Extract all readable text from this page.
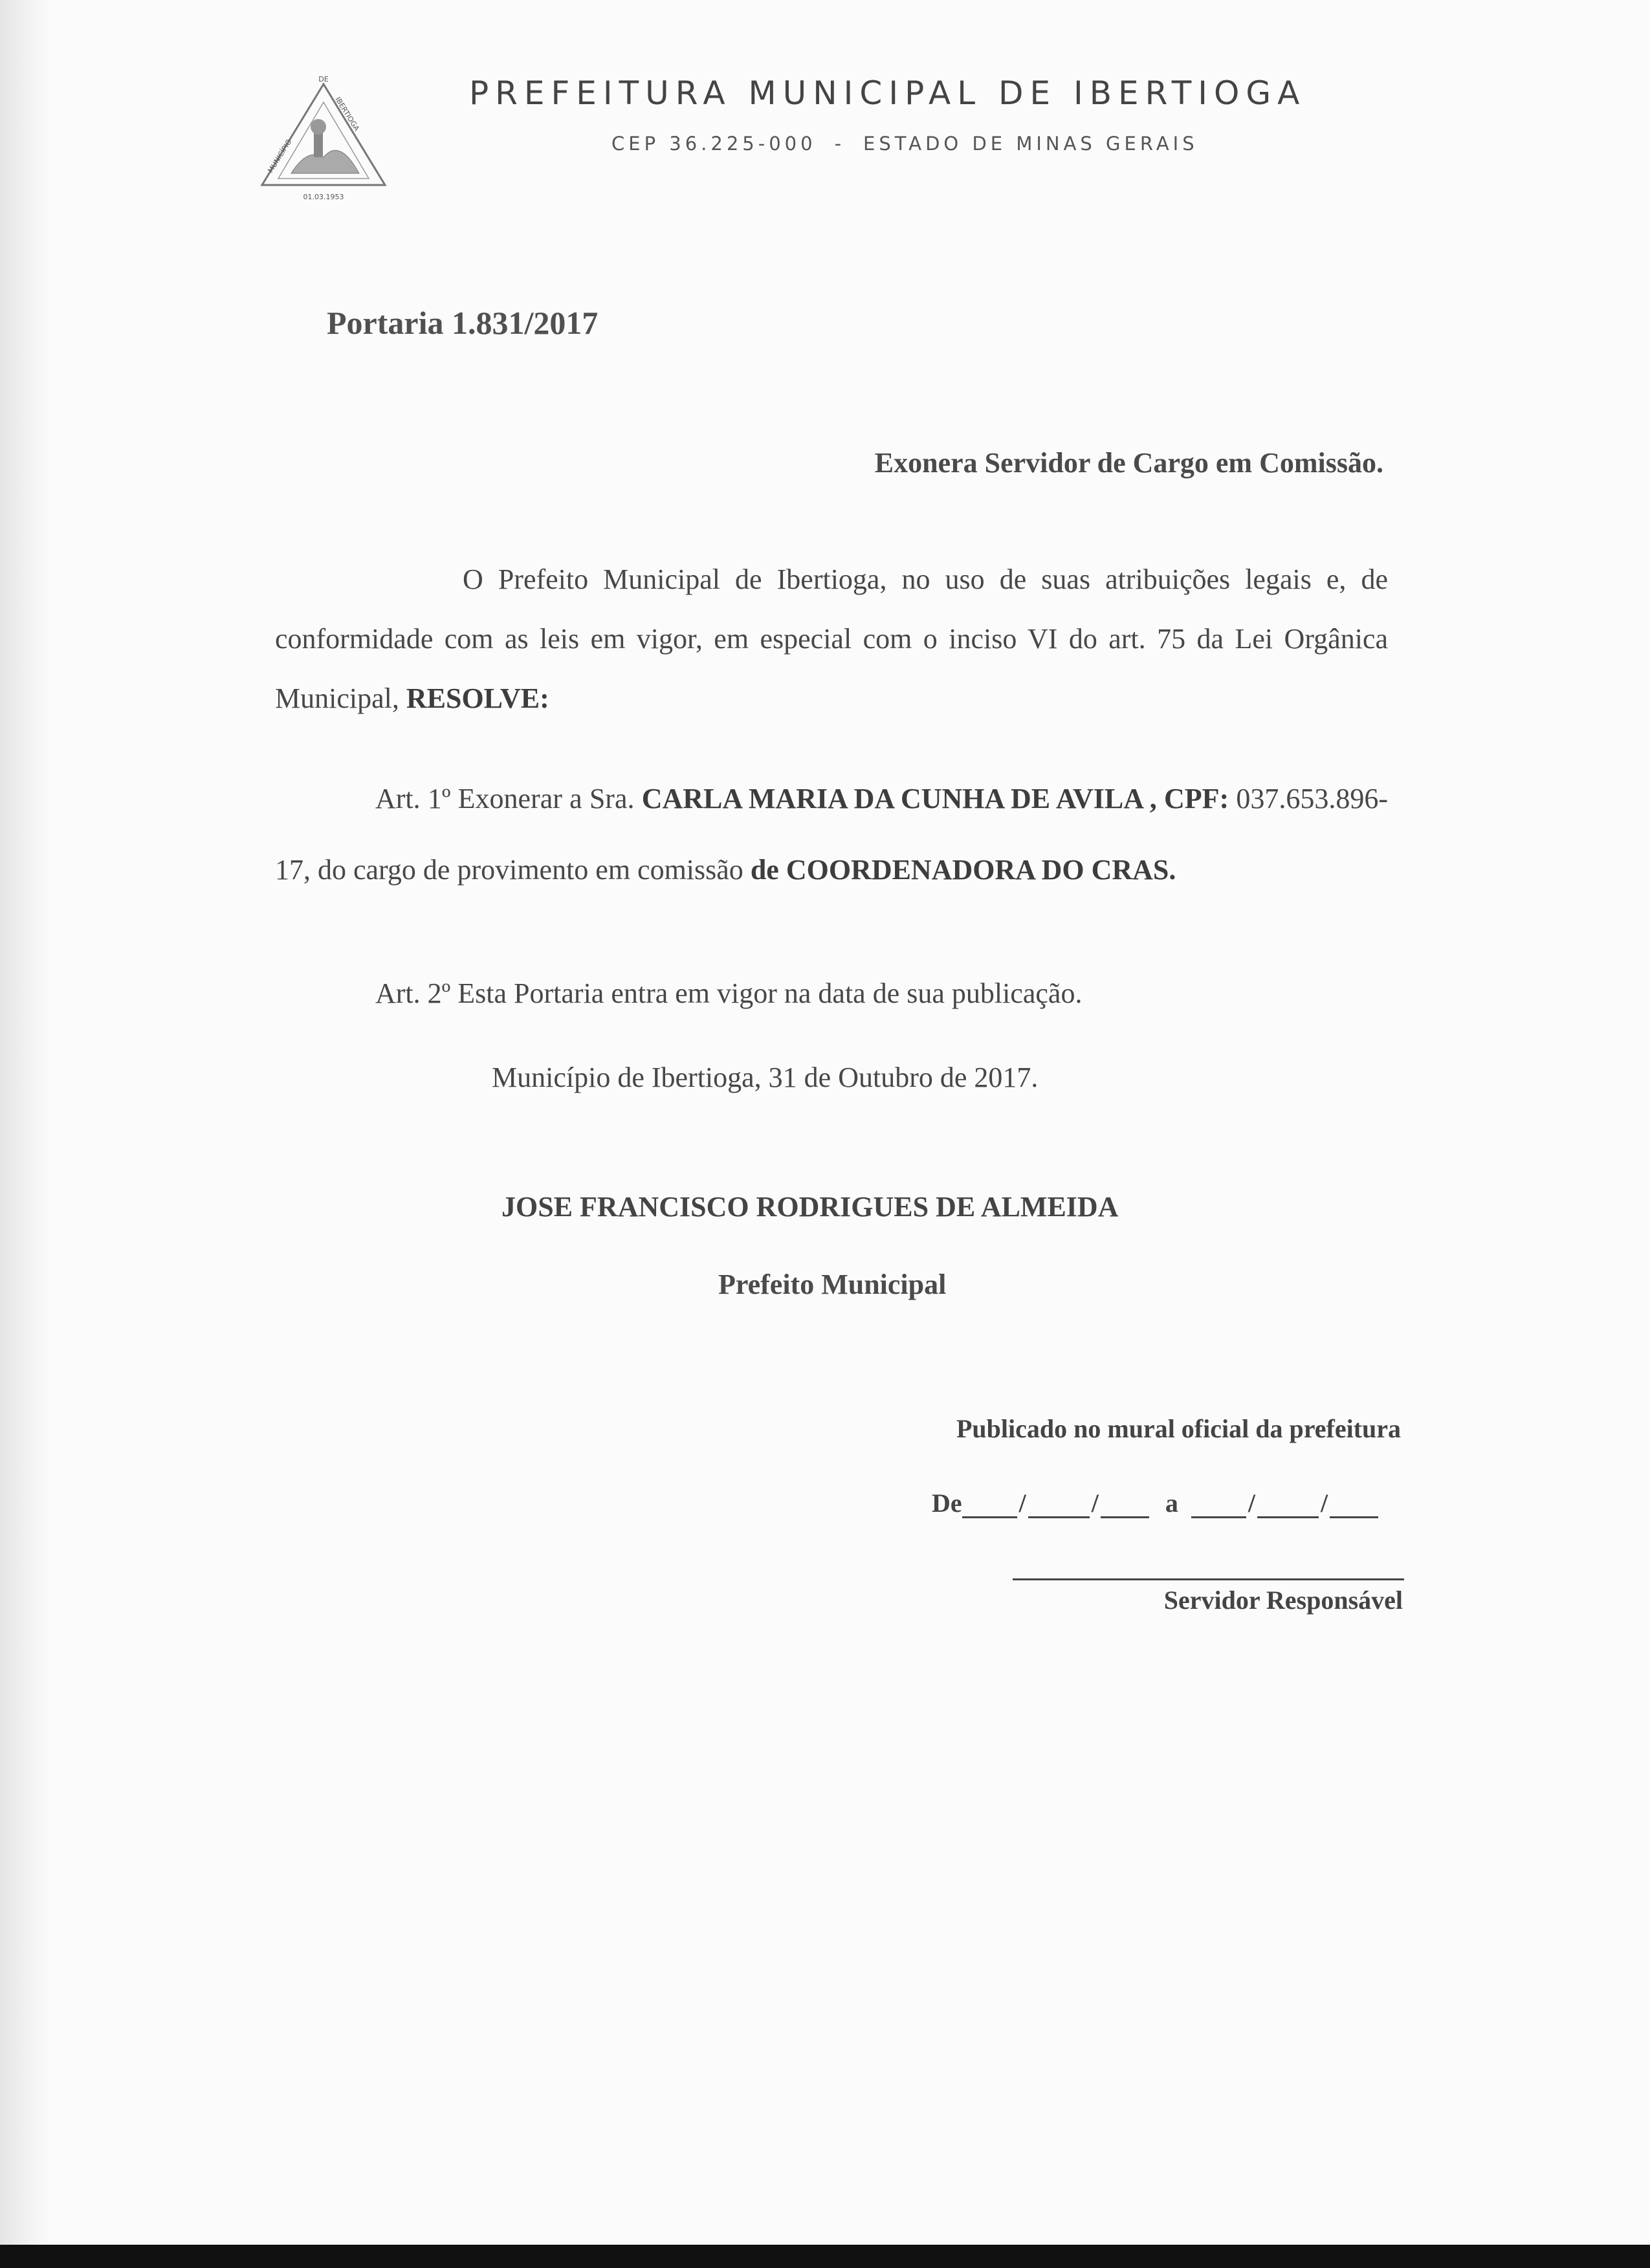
DE
MUNICÍPIO
IBERTIOGA
01.03.1953
PREFEITURA MUNICIPAL DE IBERTIOGA
CEP 36.225-000 - ESTADO DE MINAS GERAIS
Portaria 1.831/2017
Exonera Servidor de Cargo em Comissão.
O Prefeito Municipal de Ibertioga, no uso de suas atribuições legais e, de conformidade com as leis em vigor, em especial com o inciso VI do art. 75 da Lei Orgânica Municipal, RESOLVE:
Art. 1º Exonerar a Sra. CARLA MARIA DA CUNHA DE AVILA , CPF: 037.653.896-17, do cargo de provimento em comissão de COORDENADORA DO CRAS.
Art. 2º Esta Portaria entra em vigor na data de sua publicação.
Município de Ibertioga, 31 de Outubro de 2017.
JOSE FRANCISCO RODRIGUES DE ALMEIDA
Prefeito Municipal
Publicado no mural oficial da prefeitura
De /	/	a	/	/
Servidor Responsável
